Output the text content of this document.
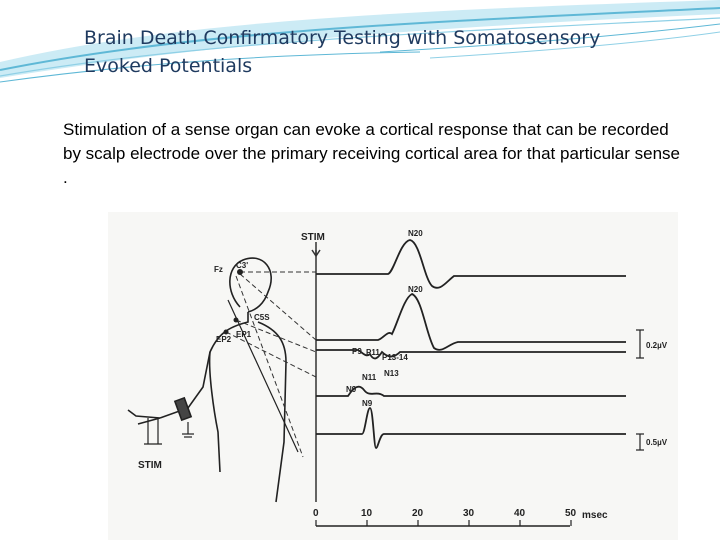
Brain Death Confirmatory Testing with Somatosensory Evoked Potentials
Stimulation of a sense organ can evoke a cortical response that can be recorded by scalp electrode over the primary receiving cortical area for that particular sense .
STIM
Fz C3'
C5S
EP2
EP1
STIM
N20
N20
P9 P11
P13-14
N11 N13
N9
N9
0.2µV
0.5µV
0	10	20	30	40	50 msec
